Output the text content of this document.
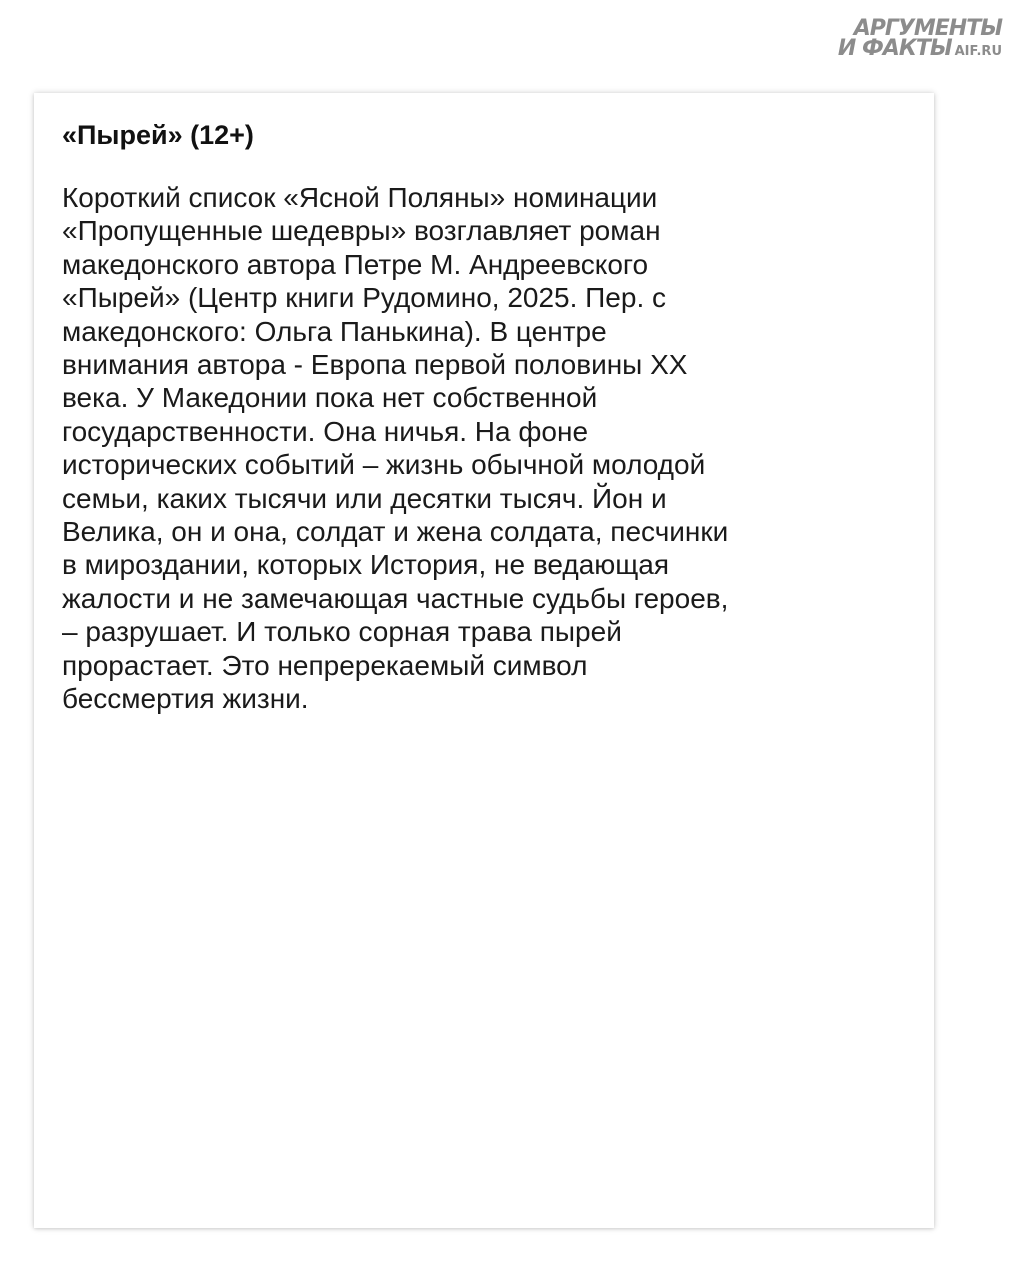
АРГУМЕНТЫ
И ФАКТЫ AIF.RU
«Пырей» (12+)

Короткий список «Ясной Поляны» номинации
«Пропущенные шедевры» возглавляет роман
македонского автора Петре М. Андреевского
«Пырей» (Центр книги Рудомино, 2025. Пер. с
македонского: Ольга Панькина). В центре
внимания автора - Европа первой половины XX
века. У Македонии пока нет собственной
государственности. Она ничья. На фоне
исторических событий – жизнь обычной молодой
семьи, каких тысячи или десятки тысяч. Йон и
Велика, он и она, солдат и жена солдата, песчинки
в мироздании, которых История, не ведающая
жалости и не замечающая частные судьбы героев,
– разрушает. И только сорная трава пырей
прорастает. Это непререкаемый символ
бессмертия жизни.
